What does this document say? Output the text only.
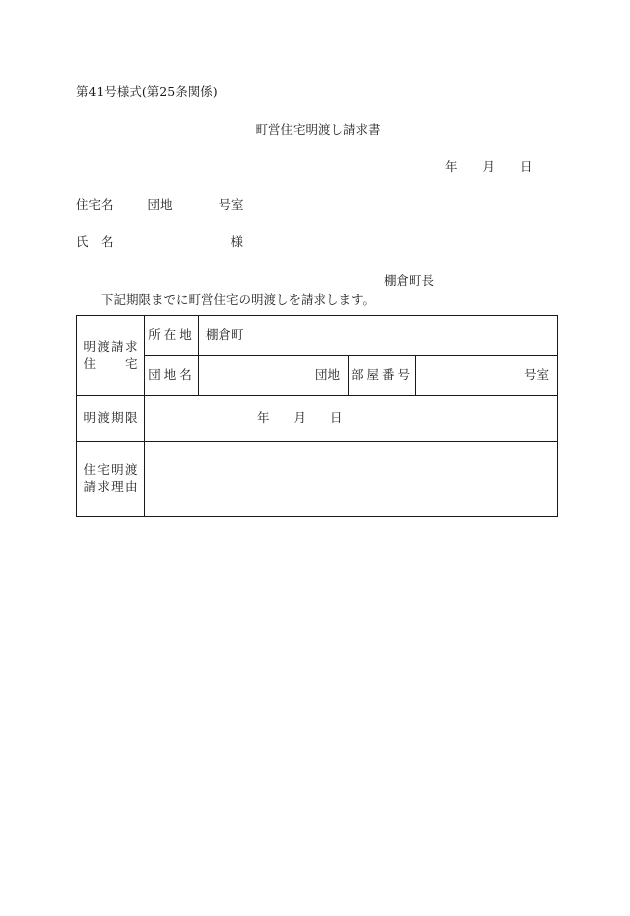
第41号様式(第25条関係)
町営住宅明渡し請求書
年 月 日
住宅名	団地	号室
氏　名	様
棚倉町長
下記期限までに町営住宅の明渡しを請求します。
明渡請求
住　　宅	所在地	棚倉町		
	団地名	団地	部屋番号	号室
明渡期限	年 月 日			
住宅明渡
請求理由				
